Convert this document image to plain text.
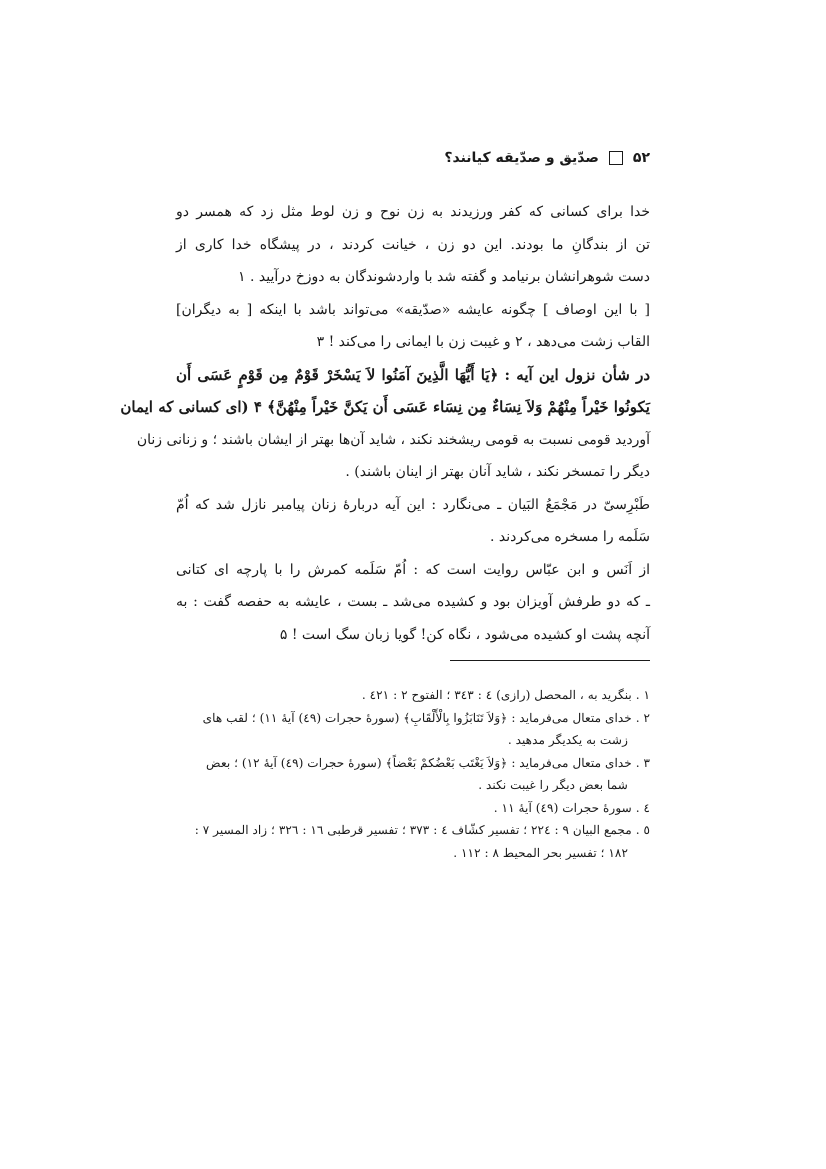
۵۲
صدّیق و صدّیقه کیانند؟
خدا برای کسانی که کفر ورزیدند به زن نوح و زن لوط مثل زد که همسر دو
تن از بندگانِ ما بودند. این دو زن ، خیانت کردند ، در پیشگاه خدا کاری از
دست شوهرانشان برنیامد و گفته شد با واردشوندگان به دوزخ درآیید . ۱
[ با این اوصاف ] چگونه عایشه «صدّیقه» می‌تواند باشد با اینکه [ به دیگران]
القاب زشت می‌دهد ، ۲ و غیبت زن با ایمانی را می‌کند ! ۳
در شأن نزول این آیه : ﴿یَا أَیُّهَا الَّذِینَ آمَنُوا لاَ یَسْخَرْ قَوْمٌ مِن قَوْمٍ عَسَى أَن
یَکونُوا خَیْراً مِنْهُمْ وَلاَ نِسَاءٌ مِن نِسَاء عَسَى أَن یَکنَّ خَیْراً مِنْهُنَّ﴾ ۴ (ای کسانی که ایمان
آوردید قومی نسبت به قومی ریشخند نکند ، شاید آن‌ها بهتر از ایشان باشند ؛ و زنانی زنان
دیگر را تمسخر نکند ، شاید آنان بهتر از اینان باشند) .
طَبْرِسیّ در مَجْمَعُ البَیان ـ می‌نگارد : این آیه دربارهٔ زنان پیامبر نازل شد که اُمّ
سَلَمه را مسخره می‌کردند .
از اَنَس و ابن عبّاس روایت است که : اُمّ سَلَمه کمرش را با پارچه ای کتانی
ـ که دو طرفش آویزان بود و کشیده می‌شد ـ بست ، عایشه به حفصه گفت : به
آنچه پشت او کشیده می‌شود ، نگاه کن! گویا زبان سگ است ! ۵
۱ . بنگرید به ، المحصل (رازی) ٤ : ٣٤٣ ؛ الفتوح ٢ : ٤٢١ .
۲ . خدای متعال می‌فرماید : ﴿وَلاَ تَنَابَزُوا بِالْأَلْقَابِ﴾ (سورهٔ حجرات (٤٩) آیهٔ ١١) ؛ لقب های
زشت به یکدیگر مدهید .
۳ . خدای متعال می‌فرماید : ﴿وَلاَ یَغْتَب بَعْضُکمْ بَعْضاً﴾ (سورهٔ حجرات (٤٩) آیهٔ ١٢) ؛ بعض
شما بعض دیگر را غیبت نکند .
٤ . سورهٔ حجرات (٤٩) آیهٔ ١١ .
٥ . مجمع البیان ٩ : ٢٢٤ ؛ تفسیر کشّاف ٤ : ٣٧٣ ؛ تفسیر قرطبی ١٦ : ٣٢٦ ؛ زاد المسیر ٧ :
١٨٢ ؛ تفسیر بحر المحیط ٨ : ١١٢ .
